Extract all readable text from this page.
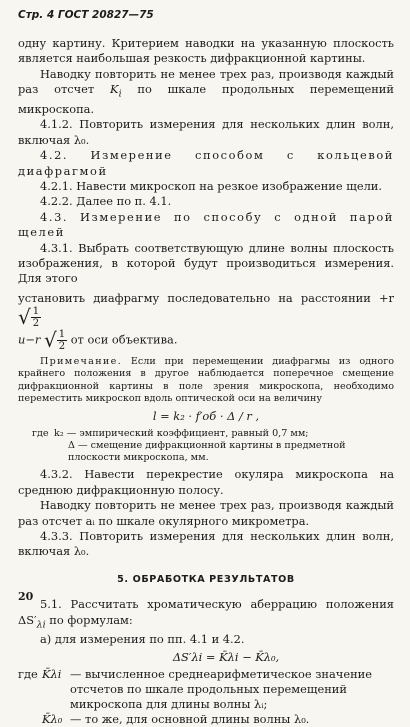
Стр. 4 ГОСТ 20827—75

одну картину. Критерием наводки на указанную плоскость является наибольшая резкость дифракционной картины.

Наводку повторить не менее трех раз, производя каждый раз отсчет $K_i$ по шкале продольных перемещений микроскопа.

4.1.2. Повторить измерения для нескольких длин волн, включая λ₀.

4.2. Измерение способом с кольцевой диафрагмой

4.2.1. Навести микроскоп на резкое изображение щели.

4.2.2. Далее по п. 4.1.

4.3. Измерение по способу с одной парой щелей

4.3.1. Выбрать соответствующую длине волны плоскость изображения, в которой будут производиться измерения. Для этого

установить диафрагму последовательно на расстоянии +r √ $\frac{1}{2}$

и−r √ $\frac{1}{2}$ от оси объектива.

Примечание. Если при перемещении диафрагмы из одного крайнего положения в другое наблюдается поперечное смещение дифракционной картины в поле зрения микроскопа, необходимо переместить микроскоп вдоль оптической оси на величину

l = k₂ · f′об · Δ / r ,
где	k₂ — эмпирический коэффициент, равный 0,7 мм;
	Δ — смещение дифракционной картины в предметной плоскости микроскопа, мм.

4.3.2. Навести перекрестие окуляра микроскопа на среднюю дифракционную полосу.

Наводку повторить не менее трех раз, производя каждый раз отсчет aᵢ по шкале окулярного микрометра.

4.3.3. Повторить измерения для нескольких длин волн, включая λ₀.

5. ОБРАБОТКА РЕЗУЛЬТАТОВ

5.1. Рассчитать хроматическую аберрацию положения $\Delta S'_{\lambda i}$ по формулам:

а) для измерения по пп. 4.1 и 4.2.

ΔS′λi = K̄λi − K̄λ₀,
где	K̄λi	— вычисленное среднеарифметическое значение отсчетов по шкале продольных перемещений микроскопа для длины волны λᵢ;
	K̄λ₀	— то же, для основной длины волны λ₀.
20
